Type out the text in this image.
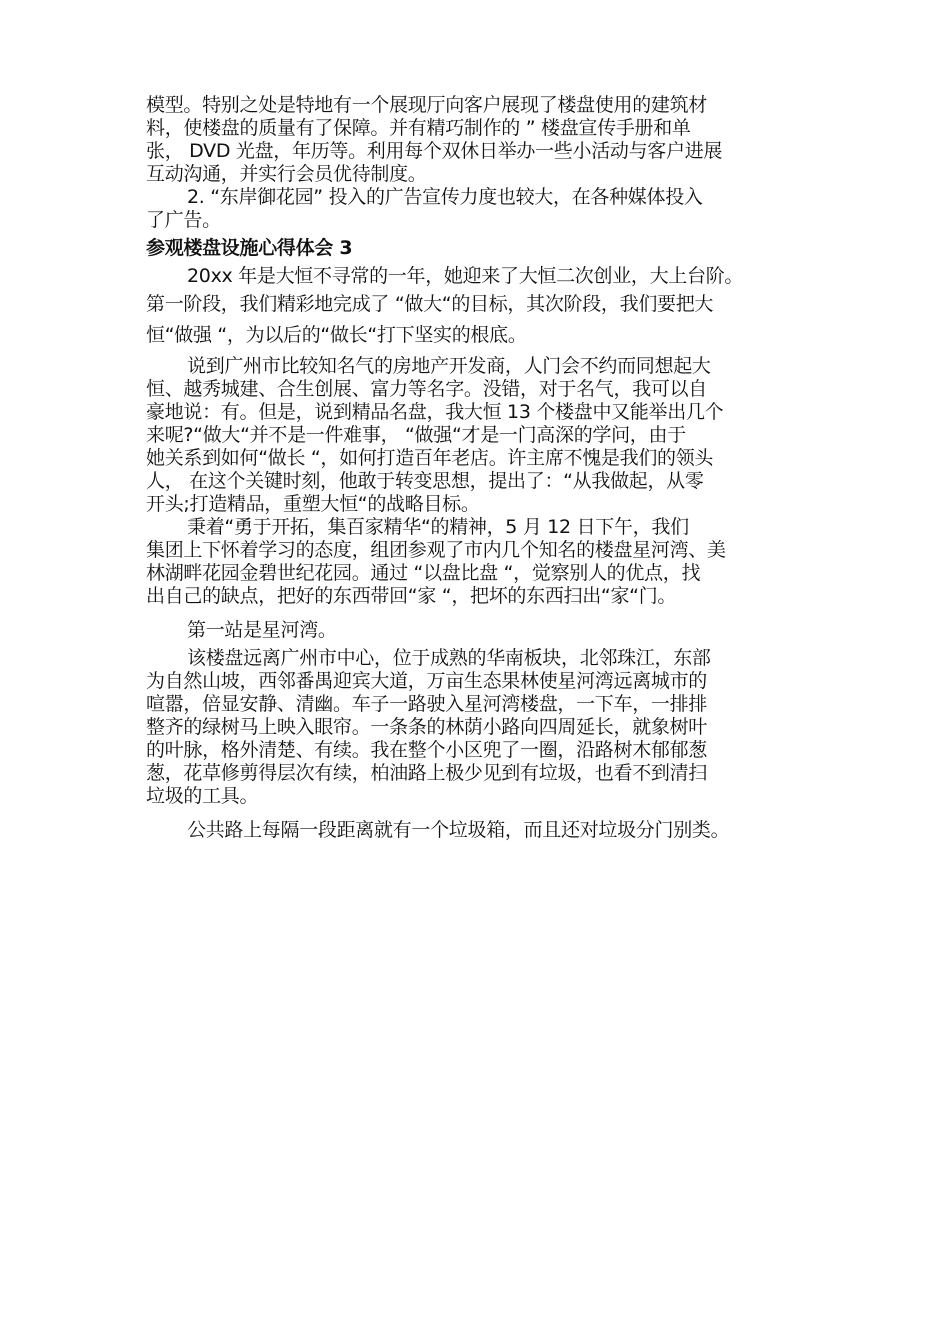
模型。特别之处是特地有一个展现厅向客户展现了楼盘使用的建筑材
料，使楼盘的质量有了保障。并有精巧制作的 ” 楼盘宣传手册和单
张， DVD 光盘，年历等。利用每个双休日举办一些小活动与客户进展
互动沟通，并实行会员优待制度。
2. “东岸御花园” 投入的广告宣传力度也较大，在各种媒体投入
了广告。
参观楼盘设施心得体会 3
20xx 年是大恒不寻常的一年，她迎来了大恒二次创业，大上台阶。
第一阶段，我们精彩地完成了 “做大“的目标，其次阶段，我们要把大
恒“做强 “，为以后的“做长“打下坚实的根底。
说到广州市比较知名气的房地产开发商，人门会不约而同想起大
恒、越秀城建、合生创展、富力等名字。没错，对于名气，我可以自
豪地说：有。但是，说到精品名盘，我大恒 13 个楼盘中又能举出几个
来呢?“做大“并不是一件难事， “做强“才是一门高深的学问，由于
她关系到如何“做长 “，如何打造百年老店。许主席不愧是我们的领头
人， 在这个关键时刻，他敢于转变思想，提出了：“从我做起，从零
开头;打造精品，重塑大恒“的战略目标。
秉着“勇于开拓，集百家精华“的精神，5 月 12 日下午，我们
集团上下怀着学习的态度，组团参观了市内几个知名的楼盘星河湾、美
林湖畔花园金碧世纪花园。通过 “以盘比盘 “，觉察别人的优点，找
出自己的缺点，把好的东西带回“家 “，把坏的东西扫出“家“门。
第一站是星河湾。
该楼盘远离广州市中心，位于成熟的华南板块，北邻珠江，东部
为自然山坡，西邻番禺迎宾大道，万亩生态果林使星河湾远离城市的
喧嚣，倍显安静、清幽。车子一路驶入星河湾楼盘，一下车，一排排
整齐的绿树马上映入眼帘。一条条的林荫小路向四周延长，就象树叶
的叶脉，格外清楚、有续。我在整个小区兜了一圈，沿路树木郁郁葱
葱，花草修剪得层次有续，柏油路上极少见到有垃圾，也看不到清扫
垃圾的工具。
公共路上每隔一段距离就有一个垃圾箱，而且还对垃圾分门别类。
